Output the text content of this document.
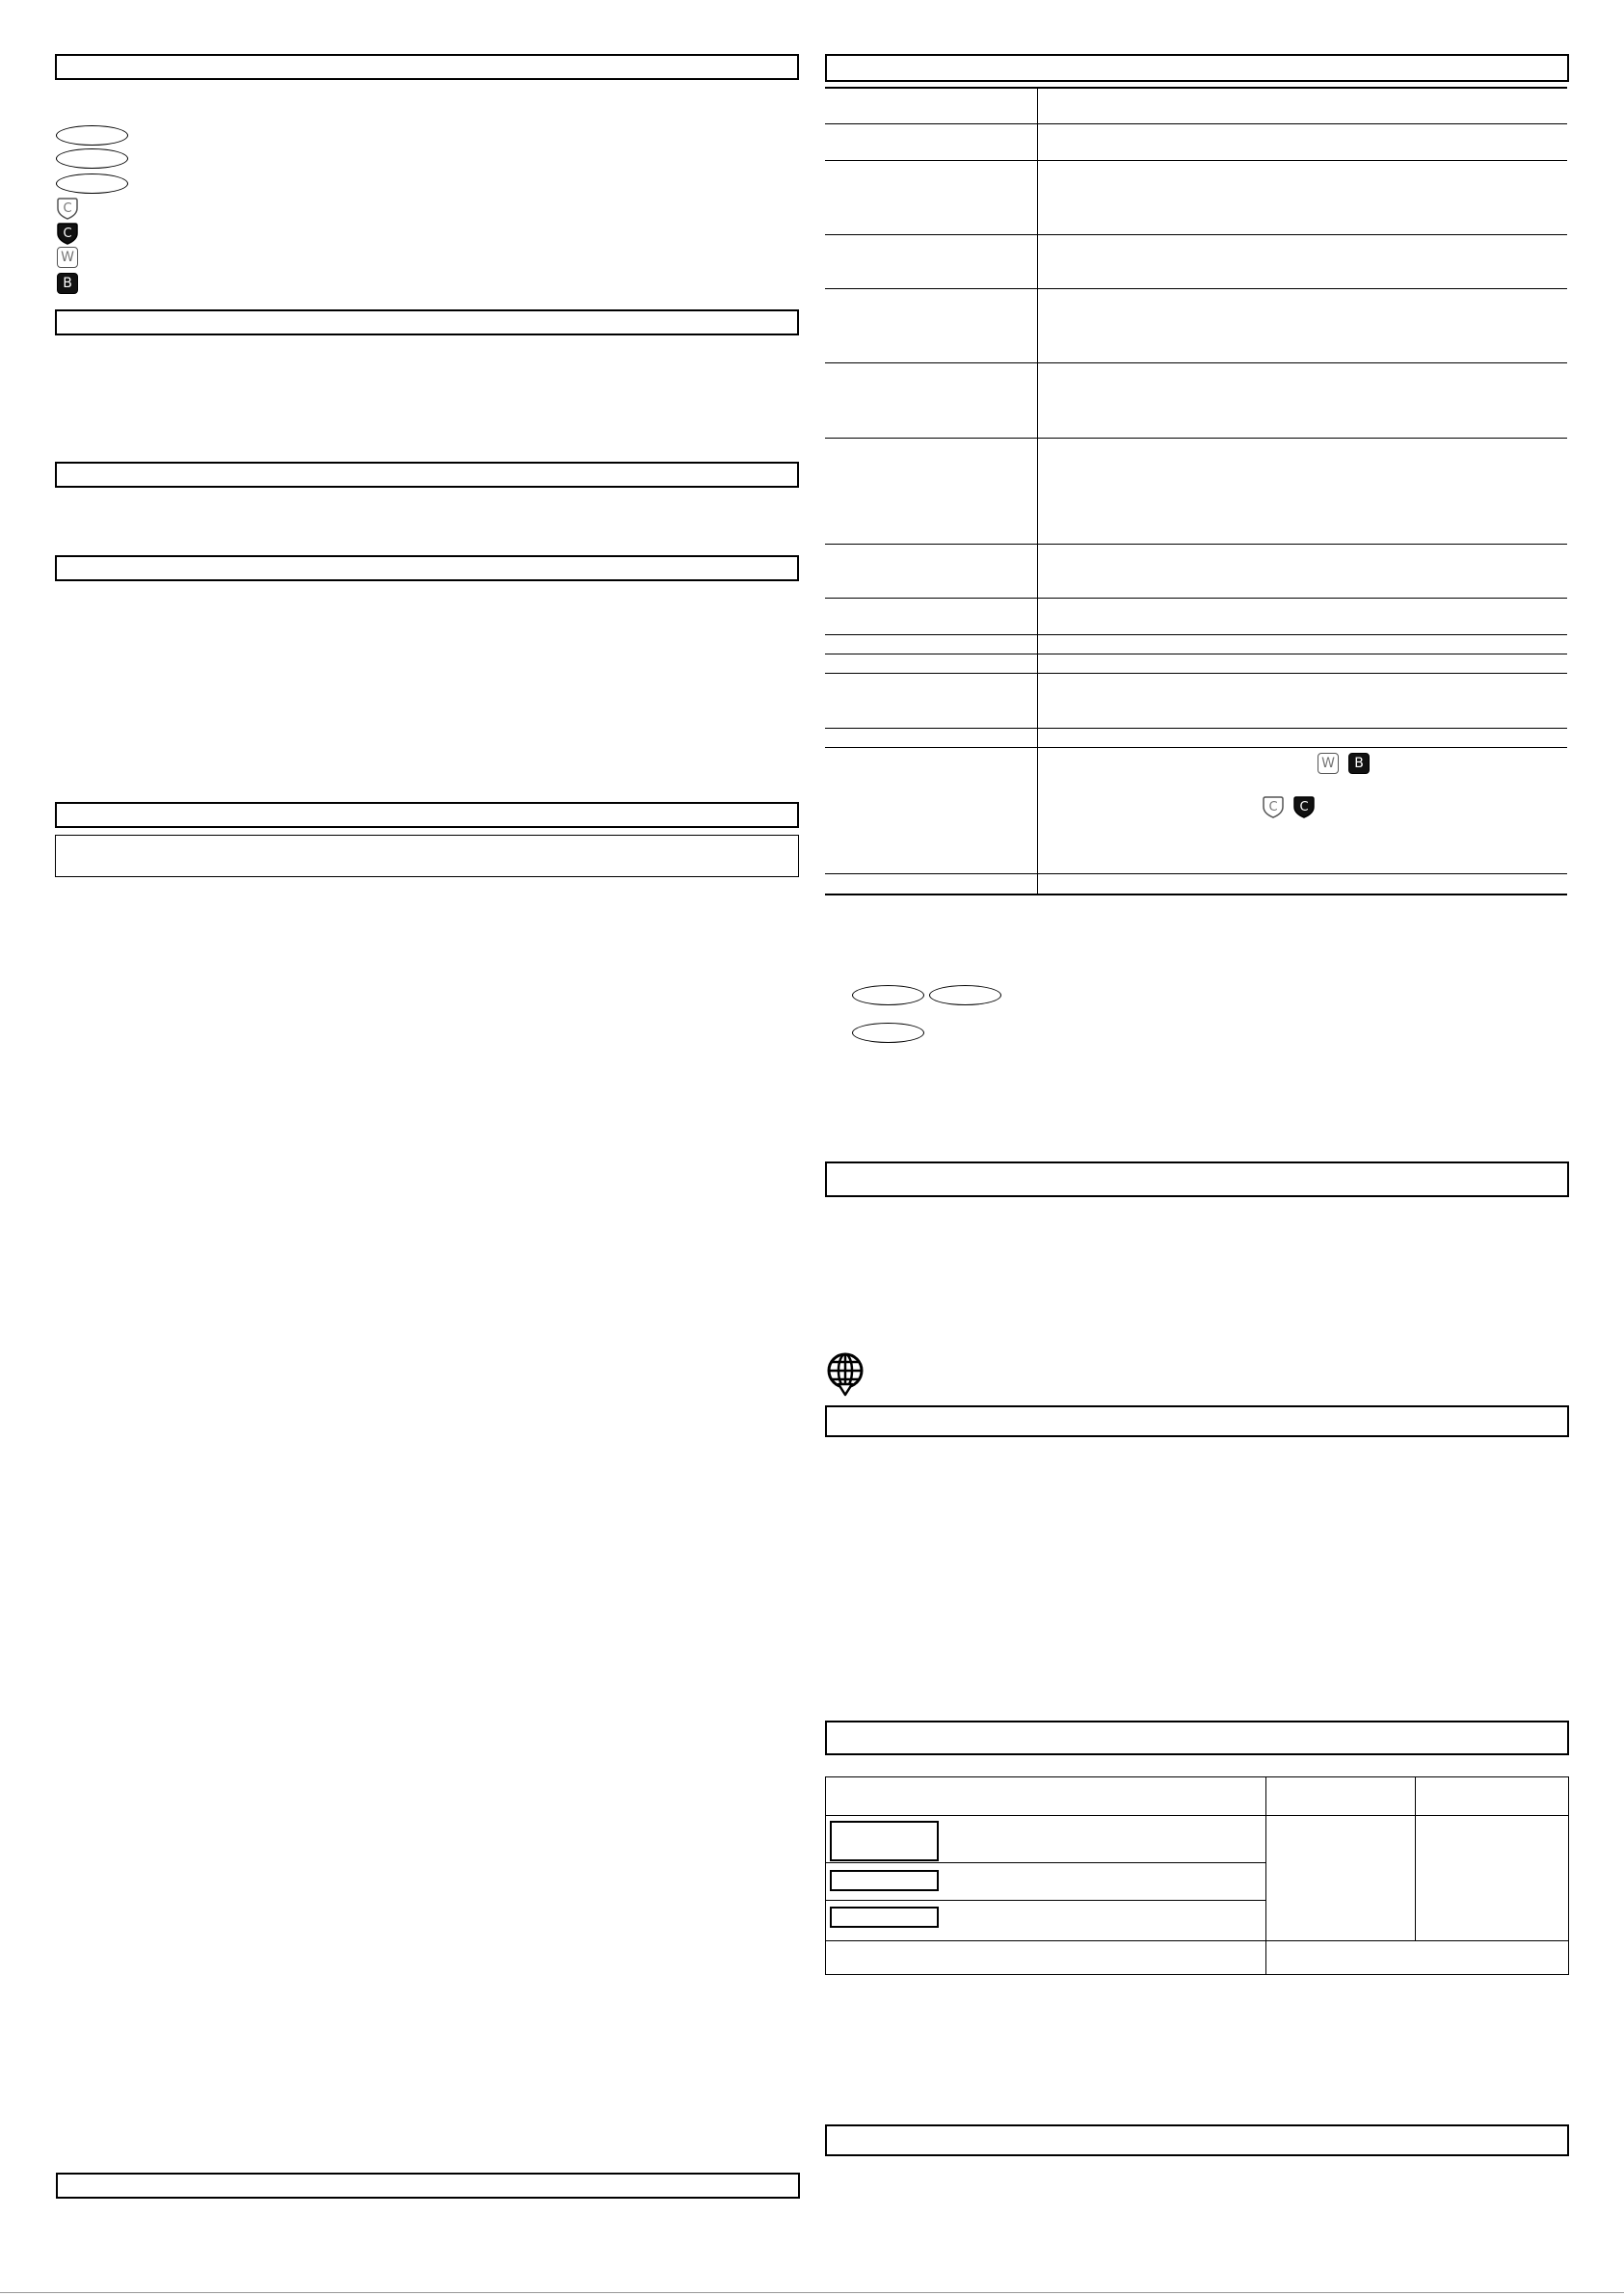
C
C
W
B
W	B
C C
